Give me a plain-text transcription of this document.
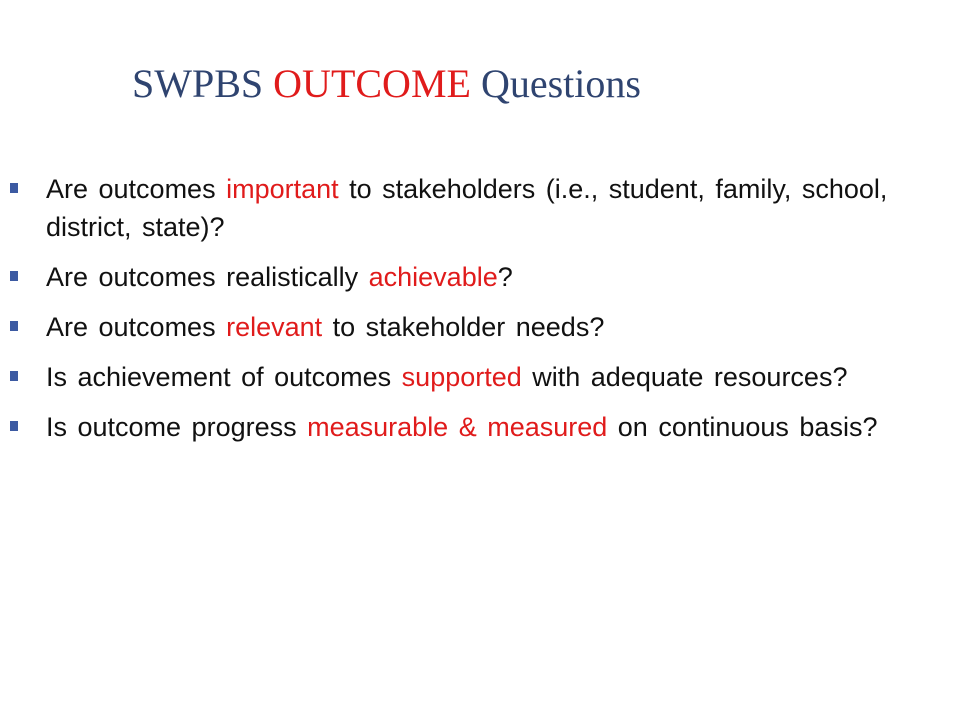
SWPBS OUTCOME Questions
Are outcomes important to stakeholders (i.e., student, family, school, district, state)?
Are outcomes realistically achievable?
Are outcomes relevant to stakeholder needs?
Is achievement of outcomes supported with adequate resources?
Is outcome progress measurable & measured on continuous basis?
